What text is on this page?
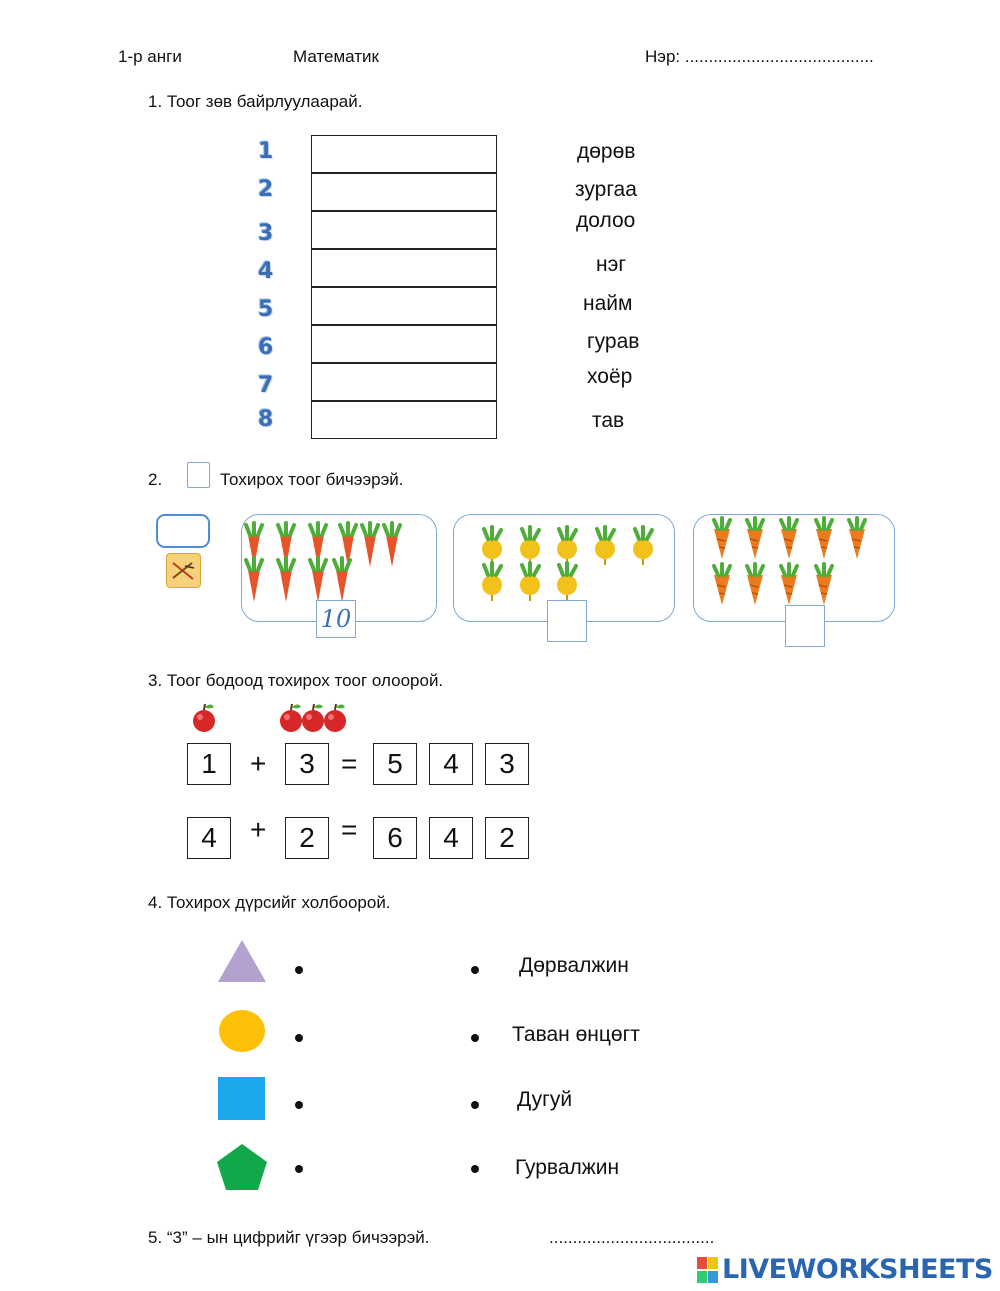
1-р анги	Математик	Нэр: ........................................
1. Тоог зөв байрлуулаарай.
1
2
3
4
5
6
7
8
дөрөв
зургаа
долоо
нэг
найм
гурав
хоёр
тав
2.	Тохирох тоог бичээрэй.
10
3. Тоог бодоод тохирох тоог олоорой.
1	+	3 =	5	4	3
4	+	2 =	6	4	2
4. Тохирох дүрсийг холбоорой.
Дөрвалжин
Таван өнцөгт
Дугуй
Гурвалжин
5. “3” – ын цифрийг үгээр бичээрэй.	...................................
LIVEWORKSHEETS
